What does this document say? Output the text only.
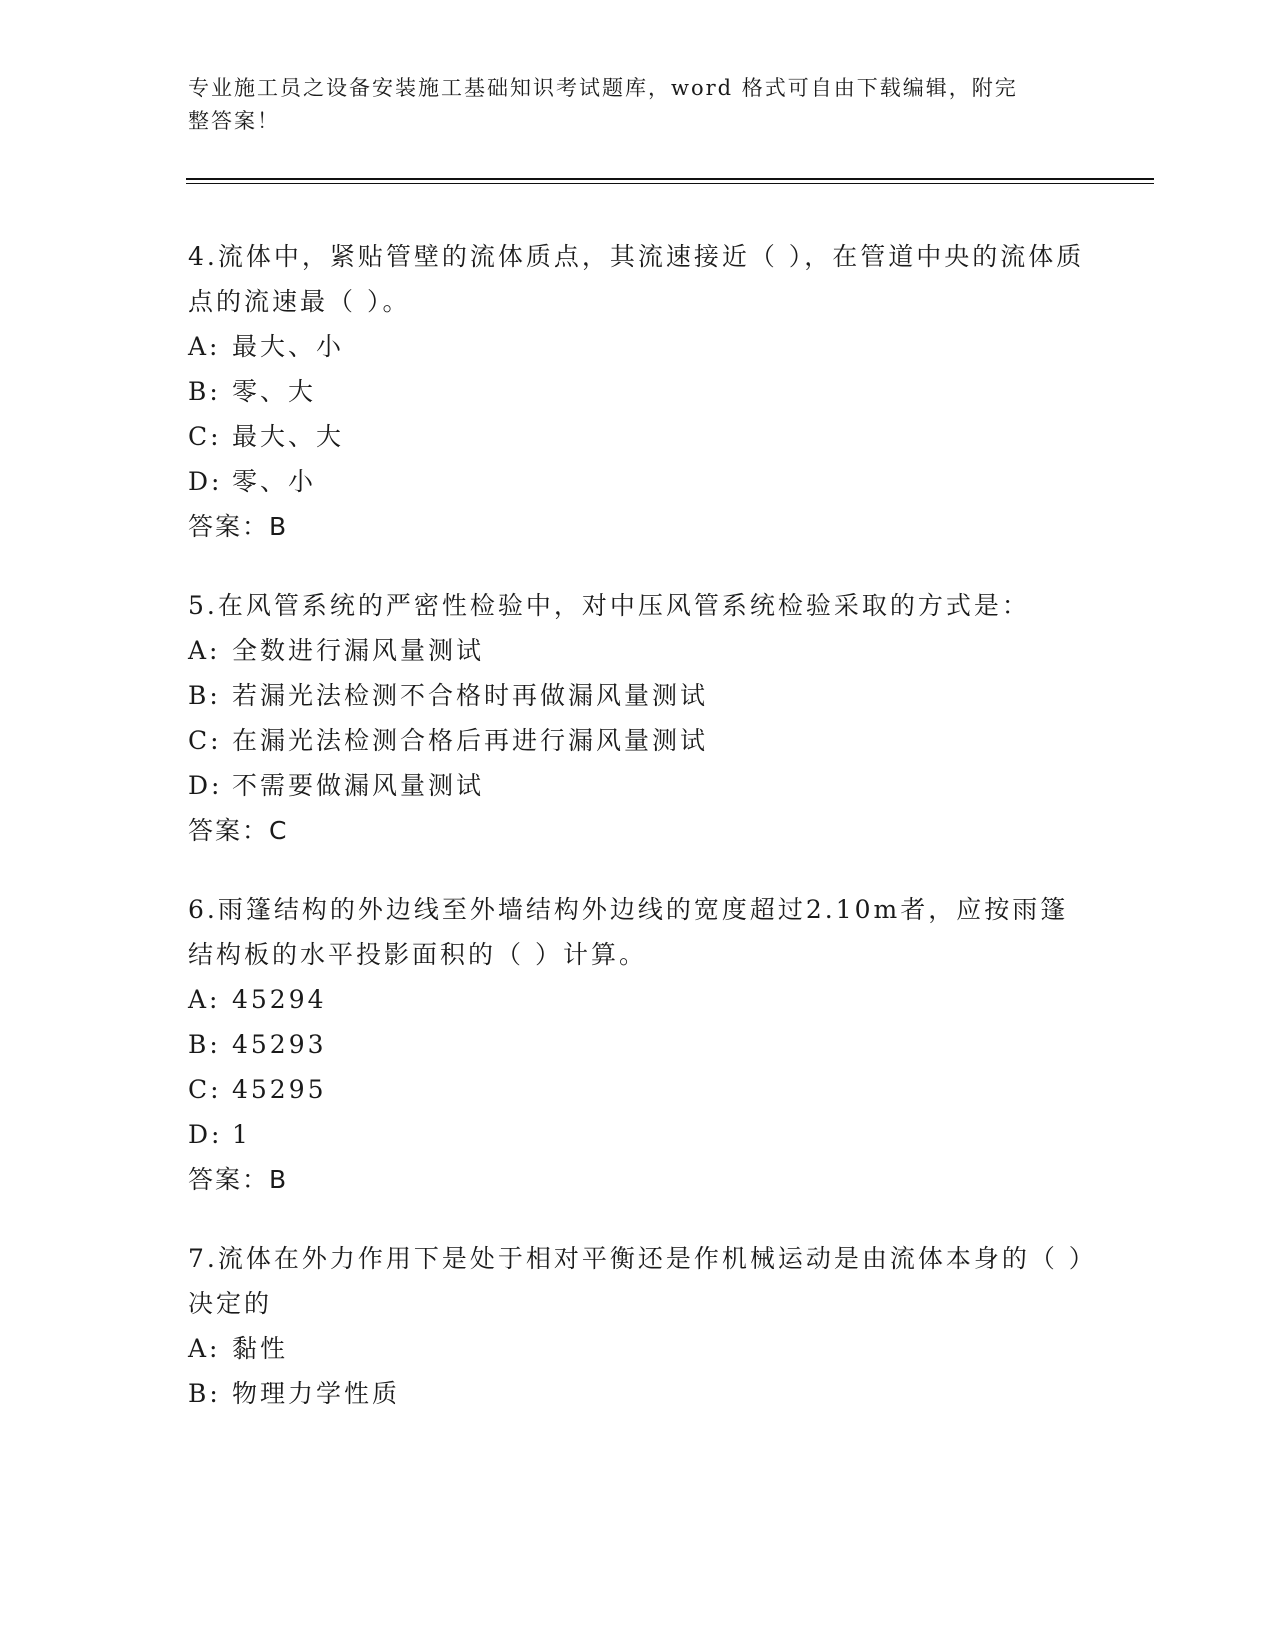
专业施工员之设备安装施工基础知识考试题库，word 格式可自由下载编辑，附完
整答案！

4.流体中，紧贴管壁的流体质点，其流速接近（ ），在管道中央的流体质点的流速最（ ）。

A: 最大、小

B: 零、大

C: 最大、大

D: 零、小

答案：B

5.在风管系统的严密性检验中，对中压风管系统检验采取的方式是：

A: 全数进行漏风量测试

B: 若漏光法检测不合格时再做漏风量测试

C: 在漏光法检测合格后再进行漏风量测试

D: 不需要做漏风量测试

答案：C

6.雨篷结构的外边线至外墙结构外边线的宽度超过2.10m者，应按雨篷结构板的水平投影面积的（ ）计算。

A: 45294

B: 45293

C: 45295

D: 1

答案：B

7.流体在外力作用下是处于相对平衡还是作机械运动是由流体本身的（ ）决定的

A: 黏性

B: 物理力学性质
